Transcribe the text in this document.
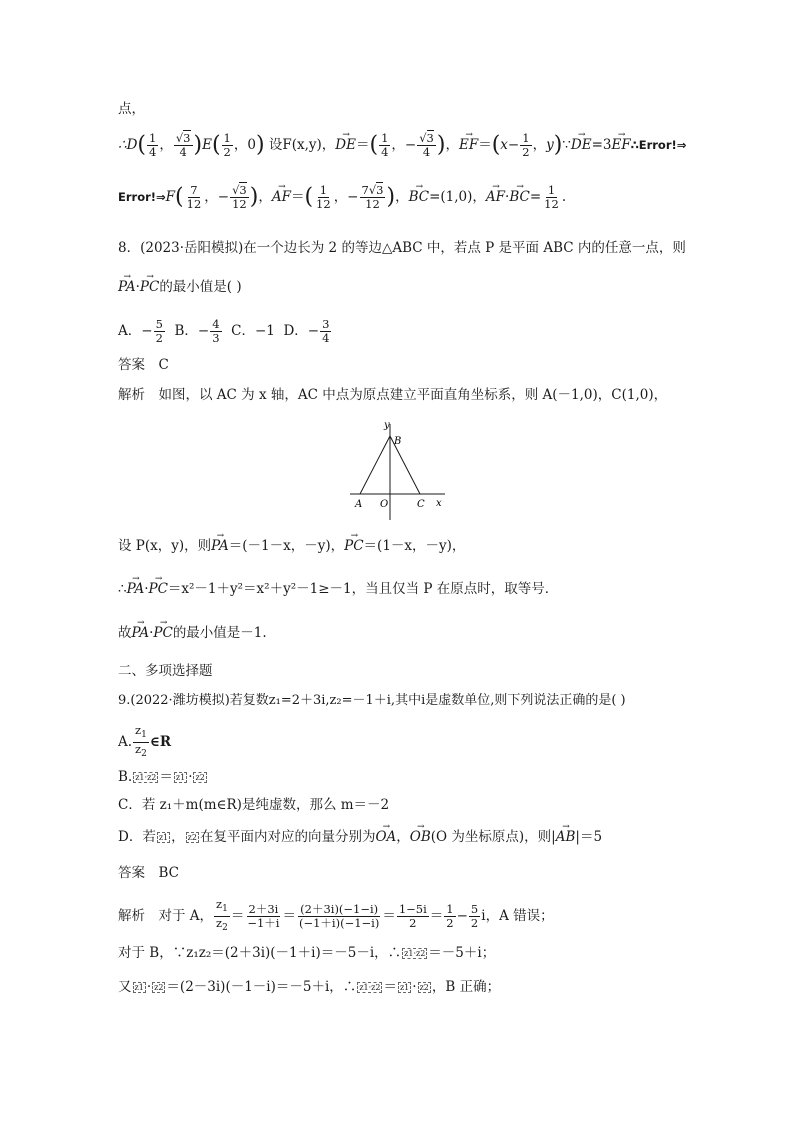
点，
∴D( $\frac{1}{4}$ ， $\frac{√3}{4} )E( \frac{1}{2}$ ，0) 设F(x,y)，→ $DE=( \frac{1}{4}$ ，− $\frac{√3}{4}$ )，→ $EF=(x- \frac{1}{2}$ ，y)∵→ DE=3→ EF∴Error!⇒
Error!⇒F( $\frac{7}{12}$ ，− $\frac{√3}{12}$ )，→ $AF=( \frac{1}{12}$ ，− $\frac{7√3}{12}$ )，→ BC=(1,0)，→ $AF\cdot\to BC= \frac{1}{12}$ .
8．(2023·岳阳模拟)在一个边长为 2 的等边△ABC 中，若点 P 是平面 ABC 内的任意一点，则
→ PA·→ PC的最小值是( )
A．− $\frac{5}{2}$ B．− $\frac{4}{3}$ C．−1  D．− $\frac{3}{4}$
答案　C
解析　如图，以 AC 为 x 轴，AC 中点为原点建立平面直角坐标系，则 A(－1,0)，C(1,0)，
y
x
B
A O	C
设 P(x，y)，则→ PA＝(－1－x，－y)，→ PC＝(1－x，－y)，
∴→ PA·→ PC＝x²－1＋y²＝x²＋y²－1≥－1，当且仅当 P 在原点时，取等号．
故→ PA·→ PC的最小值是－1.
二、多项选择题
9.(2022·潍坊模拟)若复数z₁=2＋3i,z₂=－1＋i,其中i是虚数单位,则下列说法正确的是( )
A. $\frac{z_1}{z_2}$ ∈R
B. z1·z2 ＝ z1 · z2
C．若 z₁＋m(m∈R)是纯虚数，那么 m＝－2
D．若 z1 ， z2 在复平面内对应的向量分别为→ OA，→ OB(O 为坐标原点)，则|→ AB|＝5
答案　BC
解析　对于 A， $\frac{z_1}{z_2} = \frac{2+3i}{-1+i} = \frac{(2+3i)(-1-i)}{(-1+i)(-1-i)} = \frac{1-5i}{2} = \frac{1}{2} - \frac{5}{2}$ i，A 错误；
对于 B，∵z₁z₂＝(2＋3i)(－1＋i)＝－5－i，∴ z1·z2 ＝－5＋i；
又 z1 · z2 ＝(2－3i)(－1－i)＝－5＋i，∴ z1·z2 ＝ z1 · z2 ，B 正确；
